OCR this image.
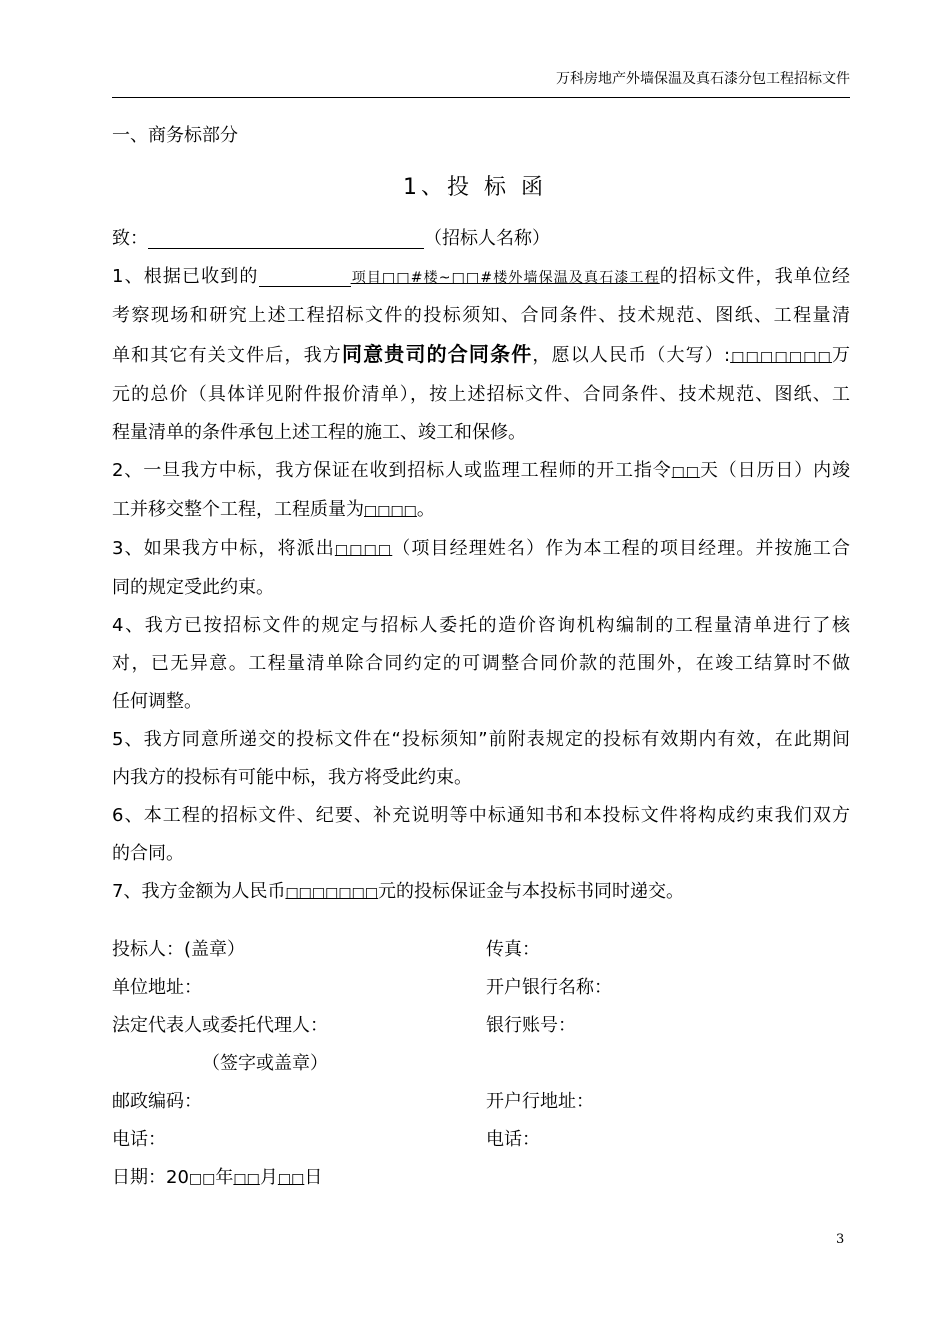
万科房地产外墙保温及真石漆分包工程招标文件
一、商务标部分
1、投 标 函
致：	（招标人名称）
1、根据已收到的	项目□□#楼~□□#楼外墙保温及真石漆工程的招标文件，我单位经
考察现场和研究上述工程招标文件的投标须知、合同条件、技术规范、图纸、工程量清
单和其它有关文件后，我方同意贵司的合同条件，愿以人民币（大写）:□□□□□□□万
元的总价（具体详见附件报价清单），按上述招标文件、合同条件、技术规范、图纸、工
程量清单的条件承包上述工程的施工、竣工和保修。
2、一旦我方中标，我方保证在收到招标人或监理工程师的开工指令□□天（日历日）内竣
工并移交整个工程，工程质量为□□□□。
3、如果我方中标，将派出□□□□（项目经理姓名）作为本工程的项目经理。并按施工合
同的规定受此约束。
4、我方已按招标文件的规定与招标人委托的造价咨询机构编制的工程量清单进行了核
对，已无异意。工程量清单除合同约定的可调整合同价款的范围外，在竣工结算时不做
任何调整。
5、我方同意所递交的投标文件在“投标须知”前附表规定的投标有效期内有效，在此期间
内我方的投标有可能中标，我方将受此约束。
6、本工程的招标文件、纪要、补充说明等中标通知书和本投标文件将构成约束我们双方
的合同。
7、我方金额为人民币□□□□□□□元的投标保证金与本投标书同时递交。
投标人：(盖章）	传真：
单位地址：	开户银行名称：
法定代表人或委托代理人：	银行账号：
（签字或盖章）
邮政编码：	开户行地址：
电话：	电话：
日期：20□□年□□月□□日
3
